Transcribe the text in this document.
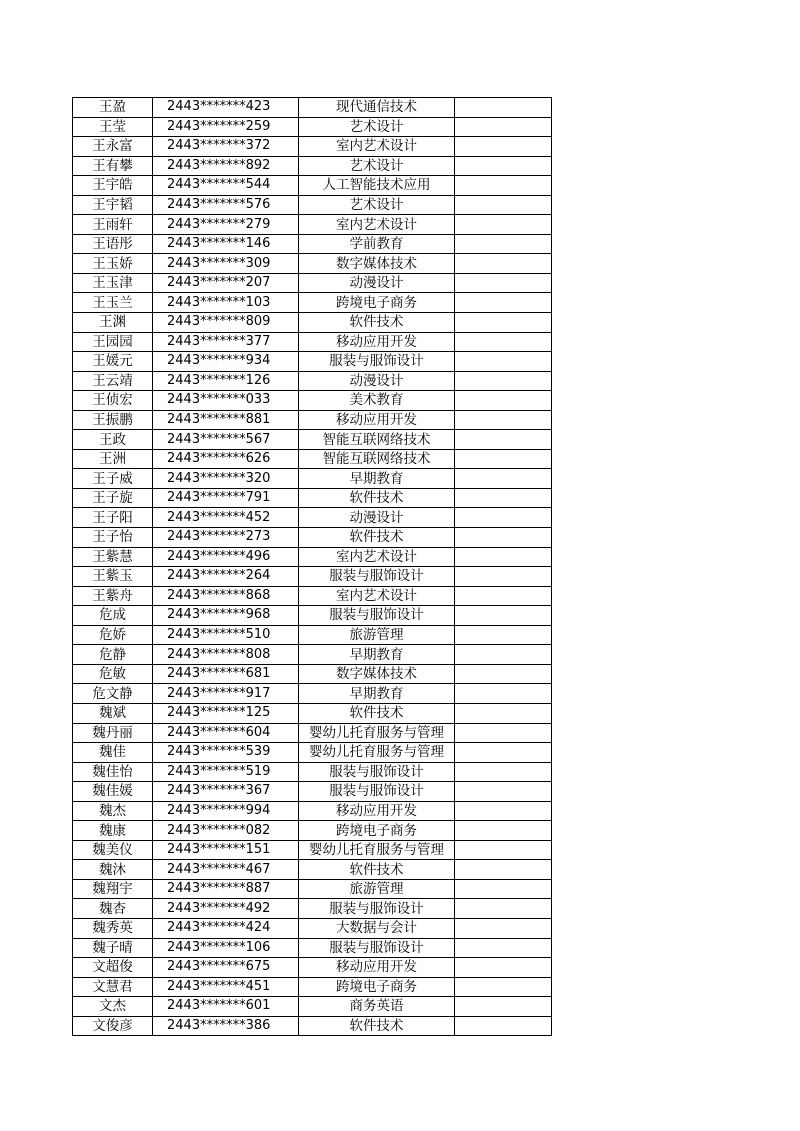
王盈	2443*******423	现代通信技术	
王莹	2443*******259	艺术设计	
王永富	2443*******372	室内艺术设计	
王有攀	2443*******892	艺术设计	
王宇皓	2443*******544	人工智能技术应用	
王宇韬	2443*******576	艺术设计	
王雨轩	2443*******279	室内艺术设计	
王语彤	2443*******146	学前教育	
王玉娇	2443*******309	数字媒体技术	
王玉津	2443*******207	动漫设计	
王玉兰	2443*******103	跨境电子商务	
王渊	2443*******809	软件技术	
王园园	2443*******377	移动应用开发	
王媛元	2443*******934	服装与服饰设计	
王云靖	2443*******126	动漫设计	
王侦宏	2443*******033	美术教育	
王振鹏	2443*******881	移动应用开发	
王政	2443*******567	智能互联网络技术	
王洲	2443*******626	智能互联网络技术	
王子威	2443*******320	早期教育	
王子旋	2443*******791	软件技术	
王子阳	2443*******452	动漫设计	
王子怡	2443*******273	软件技术	
王紫慧	2443*******496	室内艺术设计	
王紫玉	2443*******264	服装与服饰设计	
王紫舟	2443*******868	室内艺术设计	
危成	2443*******968	服装与服饰设计	
危娇	2443*******510	旅游管理	
危静	2443*******808	早期教育	
危敏	2443*******681	数字媒体技术	
危文静	2443*******917	早期教育	
魏斌	2443*******125	软件技术	
魏丹丽	2443*******604	婴幼儿托育服务与管理	
魏佳	2443*******539	婴幼儿托育服务与管理	
魏佳怡	2443*******519	服装与服饰设计	
魏佳媛	2443*******367	服装与服饰设计	
魏杰	2443*******994	移动应用开发	
魏康	2443*******082	跨境电子商务	
魏美仪	2443*******151	婴幼儿托育服务与管理	
魏沐	2443*******467	软件技术	
魏翔宇	2443*******887	旅游管理	
魏杏	2443*******492	服装与服饰设计	
魏秀英	2443*******424	大数据与会计	
魏子晴	2443*******106	服装与服饰设计	
文超俊	2443*******675	移动应用开发	
文慧君	2443*******451	跨境电子商务	
文杰	2443*******601	商务英语	
文俊彦	2443*******386	软件技术	
